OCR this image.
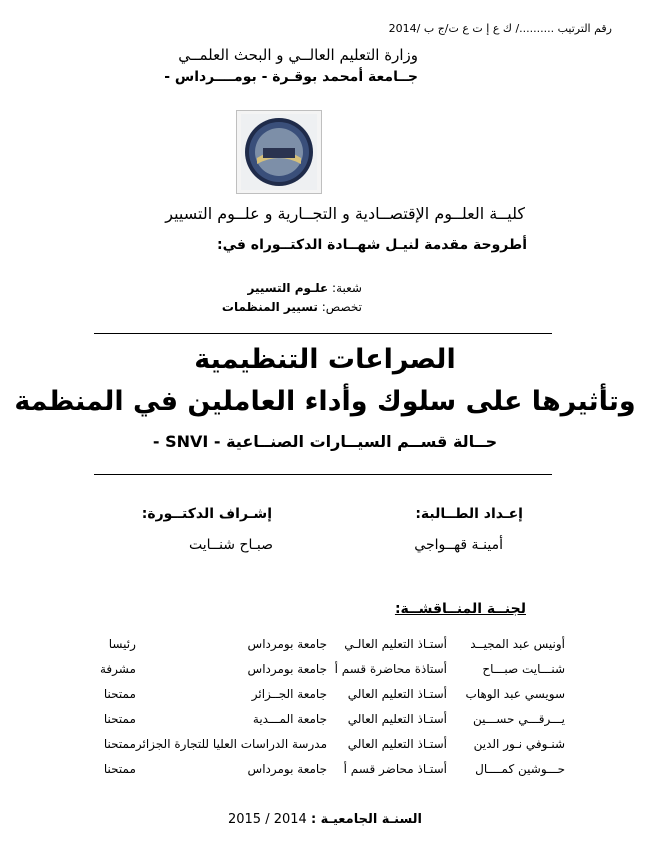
رقم الترتيب ........../ ك ع إ ت ع ت/ج ب /2014
وزارة التعليم العالــي و البحث العلمــي
جــامعة أمحمد بوقـرة - بومــــرداس -
كليــة العلــوم الإقتصــادية و التجــارية و علــوم التسيير
أطروحة مقدمة لنيـل شهــادة الدكتــوراه في:
شعبة: علـوم التسيير
تخصص: تسيير المنظمات
الصراعات التنظيمية
وتأثيرها على سلوك وأداء العاملين في المنظمة
حــالة قســم السيــارات الصنــاعية - SNVI -
إعـداد الطــالبة:
إشـراف الدكتــورة:
أمينـة قهــواجي
صبـاح شنــايت
لجنــة المنــاقشــة:
أونيس عبد المجيــد	أستـاذ التعليم العالـي	جامعة بومرداس	رئيسا
شنـــايت صبـــاح	أستاذة محاضرة قسم أ	جامعة بومرداس	مشرفة
سويسي عبد الوهاب	أستـاذ التعليم العالي	جامعة الجــزائر	ممتحنا
يـــرقـــي حســـين	أستـاذ التعليم العالي	جامعة المـــدية	ممتحنا
شنـوفي نـور الدين	أستـاذ التعليم العالي	مدرسة الدراسات العليا للتجارة الجزائر	ممتحنا
حـــوشين كمــــال	أستـاذ محاضر قسم أ	جامعة بومرداس	ممتحنا
السنـة الجامعيـة : 2014 / 2015
